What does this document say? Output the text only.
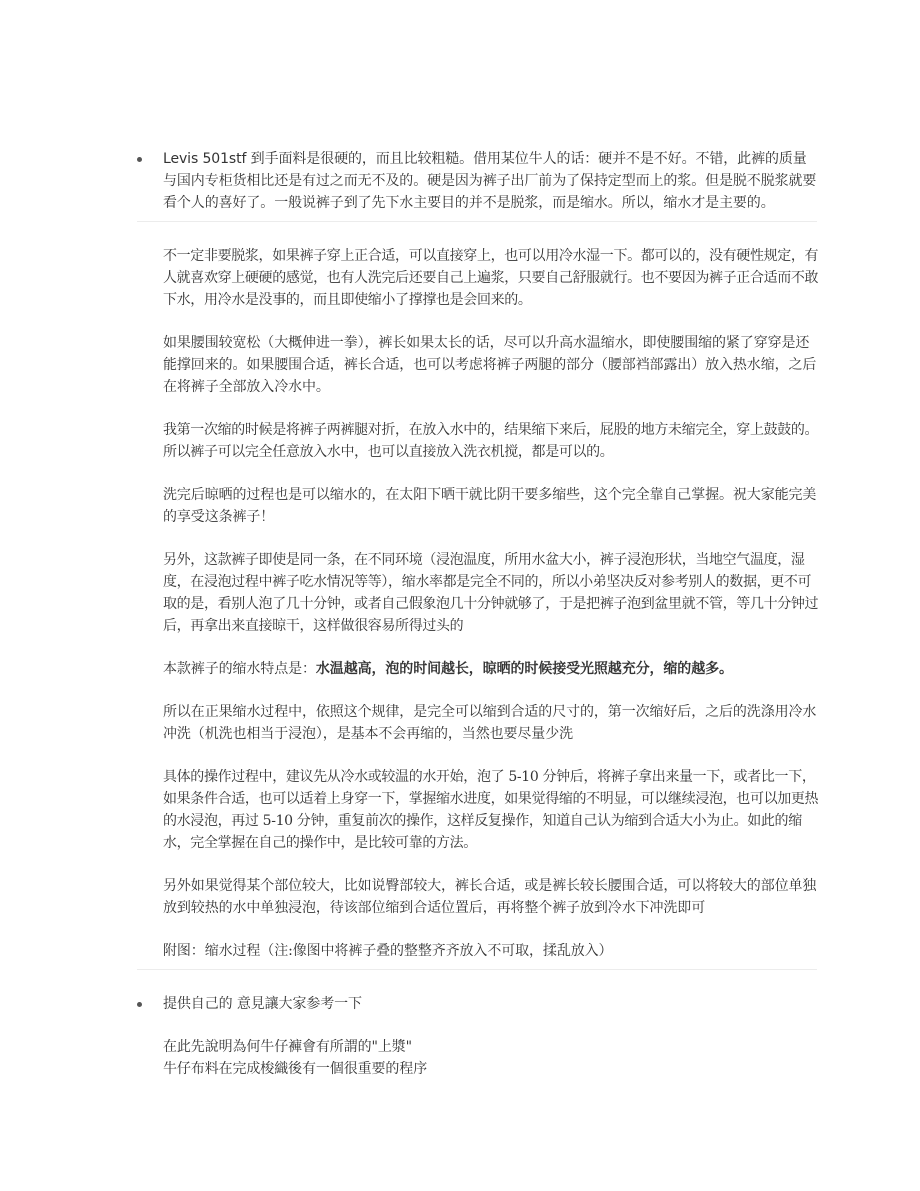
Levis 501stf 到手面料是很硬的，而且比较粗糙。借用某位牛人的话：硬并不是不好。不错，此裤的质量与国内专柜货相比还是有过之而无不及的。硬是因为裤子出厂前为了保持定型而上的浆。但是脱不脱浆就要看个人的喜好了。一般说裤子到了先下水主要目的并不是脱浆，而是缩水。所以，缩水才是主要的。

不一定非要脱浆，如果裤子穿上正合适，可以直接穿上，也可以用冷水湿一下。都可以的，没有硬性规定，有人就喜欢穿上硬硬的感觉，也有人洗完后还要自己上遍浆，只要自己舒服就行。也不要因为裤子正合适而不敢下水，用冷水是没事的，而且即使缩小了撑撑也是会回来的。

如果腰围较宽松（大概伸进一拳），裤长如果太长的话，尽可以升高水温缩水，即使腰围缩的紧了穿穿是还能撑回来的。如果腰围合适，裤长合适，也可以考虑将裤子两腿的部分（腰部裆部露出）放入热水缩，之后在将裤子全部放入冷水中。

我第一次缩的时候是将裤子两裤腿对折，在放入水中的，结果缩下来后，屁股的地方未缩完全，穿上鼓鼓的。所以裤子可以完全任意放入水中，也可以直接放入洗衣机搅，都是可以的。

洗完后晾晒的过程也是可以缩水的，在太阳下晒干就比阴干要多缩些，这个完全靠自己掌握。祝大家能完美的享受这条裤子！

另外，这款裤子即使是同一条，在不同环境（浸泡温度，所用水盆大小，裤子浸泡形状，当地空气温度，湿度，在浸泡过程中裤子吃水情况等等），缩水率都是完全不同的，所以小弟坚决反对参考别人的数据，更不可取的是，看别人泡了几十分钟，或者自己假象泡几十分钟就够了，于是把裤子泡到盆里就不管，等几十分钟过后，再拿出来直接晾干，这样做很容易所得过头的

本款裤子的缩水特点是：水温越高，泡的时间越长，晾晒的时候接受光照越充分，缩的越多。

所以在正果缩水过程中，依照这个规律，是完全可以缩到合适的尺寸的，第一次缩好后，之后的洗涤用冷水冲洗（机洗也相当于浸泡），是基本不会再缩的，当然也要尽量少洗

具体的操作过程中，建议先从冷水或较温的水开始，泡了 5-10 分钟后，将裤子拿出来量一下，或者比一下，如果条件合适，也可以适着上身穿一下，掌握缩水进度，如果觉得缩的不明显，可以继续浸泡，也可以加更热的水浸泡，再过 5-10 分钟，重复前次的操作，这样反复操作，知道自己认为缩到合适大小为止。如此的缩水，完全掌握在自己的操作中，是比较可靠的方法。

另外如果觉得某个部位较大，比如说臀部较大，裤长合适，或是裤长较长腰围合适，可以将较大的部位单独放到较热的水中单独浸泡，待该部位缩到合适位置后，再将整个裤子放到冷水下冲洗即可

附图：缩水过程（注:像图中将裤子叠的整整齐齐放入不可取，揉乱放入）

提供自己的 意見讓大家参考一下

在此先說明為何牛仔褲會有所謂的"上漿"

牛仔布料在完成梭織後有一個很重要的程序
